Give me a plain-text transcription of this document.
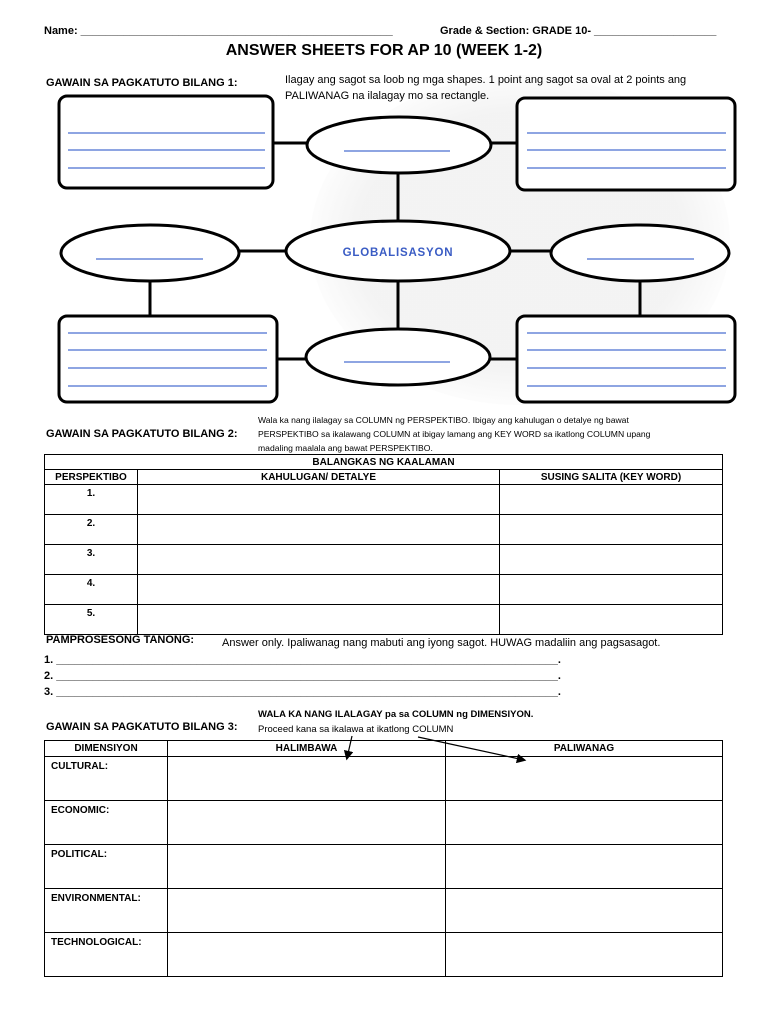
Name: ___________________________________________________	Grade & Section: GRADE 10- ____________________
ANSWER SHEETS FOR AP 10 (WEEK 1-2)
GAWAIN SA PAGKATUTO BILANG 1:	Ilagay ang sagot sa loob ng mga shapes. 1 point ang sagot sa oval at 2 points ang
PALIWANAG na ilalagay mo sa rectangle.
GLOBALISASYON
GAWAIN SA PAGKATUTO BILANG 2:
Wala ka nang ilalagay sa COLUMN ng PERSPEKTIBO. Ibigay ang kahulugan o detalye ng bawat
PERSPEKTIBO sa ikalawang COLUMN at ibigay lamang ang KEY WORD sa ikatlong COLUMN upang
madaling maalala ang bawat PERSPEKTIBO.
BALANGKAS NG KAALAMAN		
PERSPEKTIBO	KAHULUGAN/ DETALYE	SUSING SALITA (KEY WORD)
1.		
2.		
3.		
4.		
5.		
PAMPROSESONG TANONG:	Answer only. Ipaliwanag nang mabuti ang iyong sagot. HUWAG madaliin ang pagsasagot.
1. __________________________________________________________________________________.
2. __________________________________________________________________________________.
3. __________________________________________________________________________________.
GAWAIN SA PAGKATUTO BILANG 3:
WALA KA NANG ILALAGAY pa sa COLUMN ng DIMENSIYON.
Proceed kana sa ikalawa at ikatlong COLUMN
DIMENSIYON	HALIMBAWA	PALIWANAG
CULTURAL:		
ECONOMIC:		
POLITICAL:		
ENVIRONMENTAL:		
TECHNOLOGICAL:		
